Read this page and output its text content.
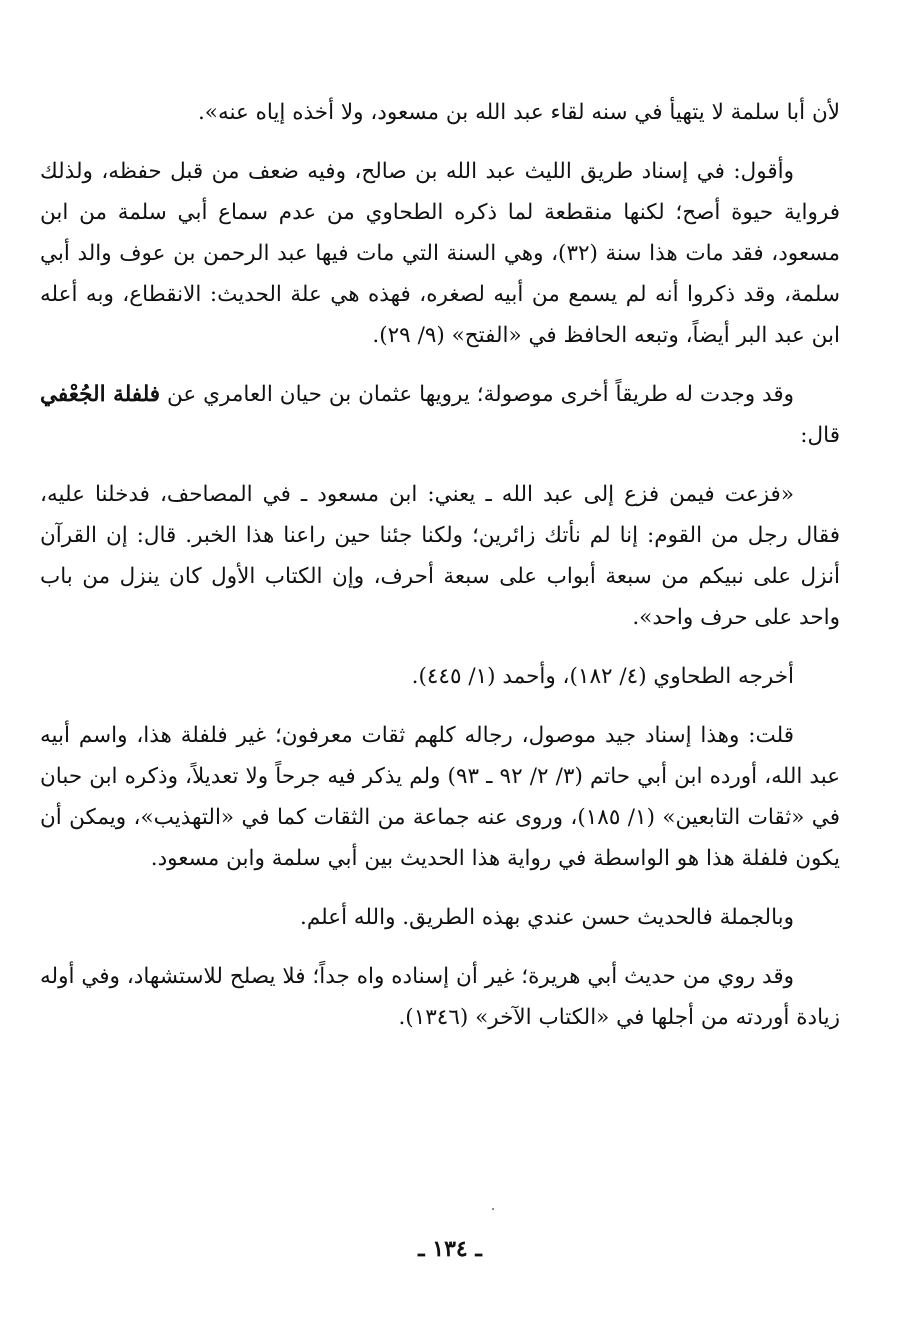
لأن أبا سلمة لا يتهيأ في سنه لقاء عبد الله بن مسعود، ولا أخذه إياه عنه».

وأقول: في إسناد طريق الليث عبد الله بن صالح، وفيه ضعف من قبل حفظه، ولذلك فرواية حيوة أصح؛ لكنها منقطعة لما ذكره الطحاوي من عدم سماع أبي سلمة من ابن مسعود، فقد مات هذا سنة (٣٢)، وهي السنة التي مات فيها عبد الرحمن بن عوف والد أبي سلمة، وقد ذكروا أنه لم يسمع من أبيه لصغره، فهذه هي علة الحديث: الانقطاع، وبه أعله ابن عبد البر أيضاً، وتبعه الحافظ في «الفتح» (٩/ ٢٩).

وقد وجدت له طريقاً أخرى موصولة؛ يرويها عثمان بن حيان العامري عن فلفلة الجُعْفي قال:

«فزعت فيمن فزع إلى عبد الله ـ يعني: ابن مسعود ـ في المصاحف، فدخلنا عليه، فقال رجل من القوم: إنا لم نأتك زائرين؛ ولكنا جئنا حين راعنا هذا الخبر. قال: إن القرآن أنزل على نبيكم من سبعة أبواب على سبعة أحرف، وإن الكتاب الأول كان ينزل من باب واحد على حرف واحد».

أخرجه الطحاوي (٤/ ١٨٢)، وأحمد (١/ ٤٤٥).

قلت: وهذا إسناد جيد موصول، رجاله كلهم ثقات معرفون؛ غير فلفلة هذا، واسم أبيه عبد الله، أورده ابن أبي حاتم (٣/ ٢/ ٩٢ ـ ٩٣) ولم يذكر فيه جرحاً ولا تعديلاً، وذكره ابن حبان في «ثقات التابعين» (١/ ١٨٥)، وروى عنه جماعة من الثقات كما في «التهذيب»، ويمكن أن يكون فلفلة هذا هو الواسطة في رواية هذا الحديث بين أبي سلمة وابن مسعود.

وبالجملة فالحديث حسن عندي بهذه الطريق. والله أعلم.

وقد روي من حديث أبي هريرة؛ غير أن إسناده واه جداً؛ فلا يصلح للاستشهاد، وفي أوله زيادة أوردته من أجلها في «الكتاب الآخر» (١٣٤٦).

ـ ١٣٤ ـ
